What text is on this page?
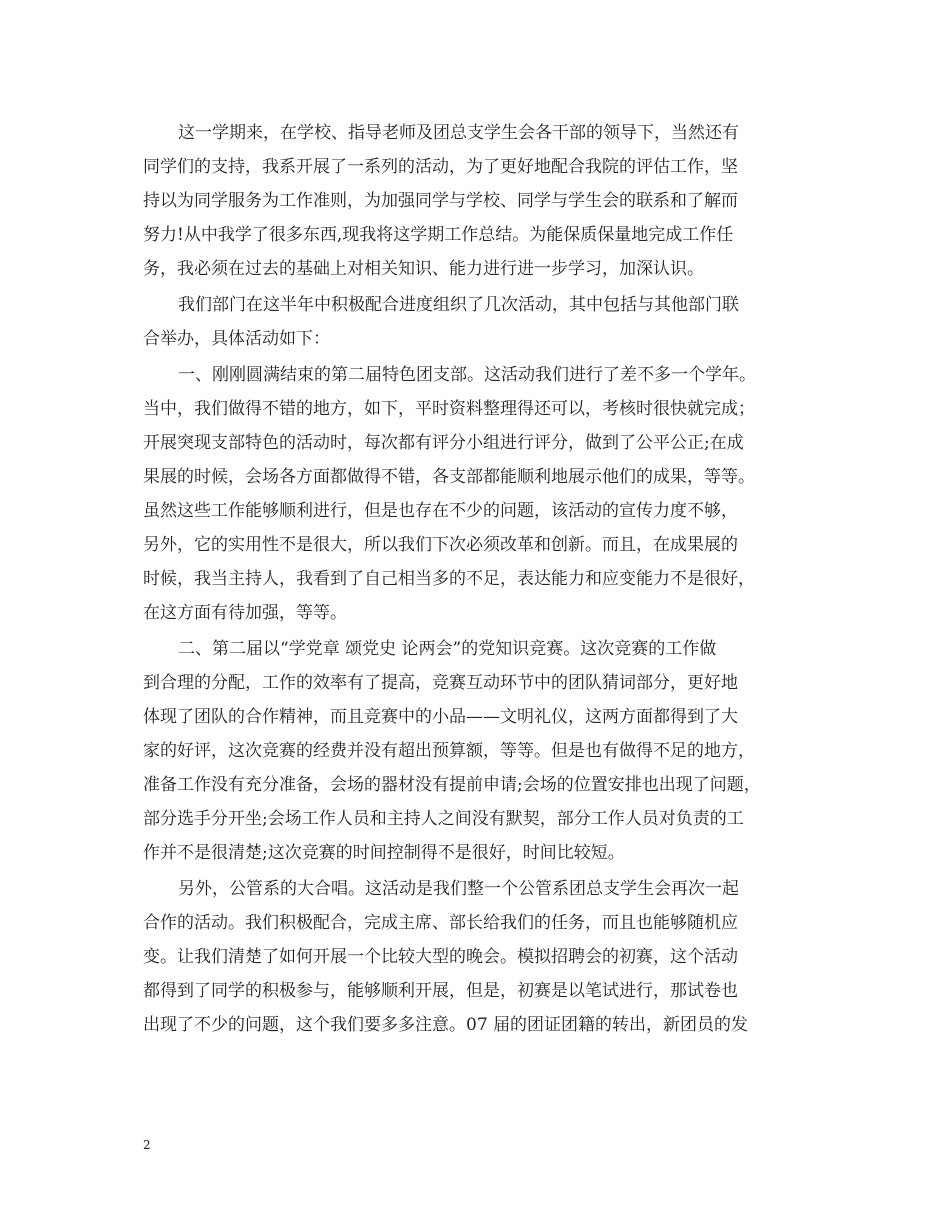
这一学期来，在学校、指导老师及团总支学生会各干部的领导下，当然还有
同学们的支持，我系开展了一系列的活动，为了更好地配合我院的评估工作，坚
持以为同学服务为工作准则，为加强同学与学校、同学与学生会的联系和了解而
努力!从中我学了很多东西,现我将这学期工作总结。为能保质保量地完成工作任
务，我必须在过去的基础上对相关知识、能力进行进一步学习，加深认识。
我们部门在这半年中积极配合进度组织了几次活动，其中包括与其他部门联
合举办，具体活动如下：
一、刚刚圆满结束的第二届特色团支部。这活动我们进行了差不多一个学年。
当中，我们做得不错的地方，如下，平时资料整理得还可以，考核时很快就完成；
开展突现支部特色的活动时，每次都有评分小组进行评分，做到了公平公正;在成
果展的时候，会场各方面都做得不错，各支部都能顺利地展示他们的成果，等等。
虽然这些工作能够顺利进行，但是也存在不少的问题，该活动的宣传力度不够，
另外，它的实用性不是很大，所以我们下次必须改革和创新。而且，在成果展的
时候，我当主持人，我看到了自己相当多的不足，表达能力和应变能力不是很好，
在这方面有待加强，等等。
二、第二届以“学党章 颂党史 论两会”的党知识竞赛。这次竞赛的工作做
到合理的分配，工作的效率有了提高，竞赛互动环节中的团队猜词部分，更好地
体现了团队的合作精神，而且竞赛中的小品——文明礼仪，这两方面都得到了大
家的好评，这次竞赛的经费并没有超出预算额，等等。但是也有做得不足的地方，
准备工作没有充分准备，会场的器材没有提前申请;会场的位置安排也出现了问题，
部分选手分开坐;会场工作人员和主持人之间没有默契，部分工作人员对负责的工
作并不是很清楚;这次竞赛的时间控制得不是很好，时间比较短。
另外，公管系的大合唱。这活动是我们整一个公管系团总支学生会再次一起
合作的活动。我们积极配合，完成主席、部长给我们的任务，而且也能够随机应
变。让我们清楚了如何开展一个比较大型的晚会。模拟招聘会的初赛，这个活动
都得到了同学的积极参与，能够顺利开展，但是，初赛是以笔试进行，那试卷也
出现了不少的问题，这个我们要多多注意。07 届的团证团籍的转出，新团员的发
2
